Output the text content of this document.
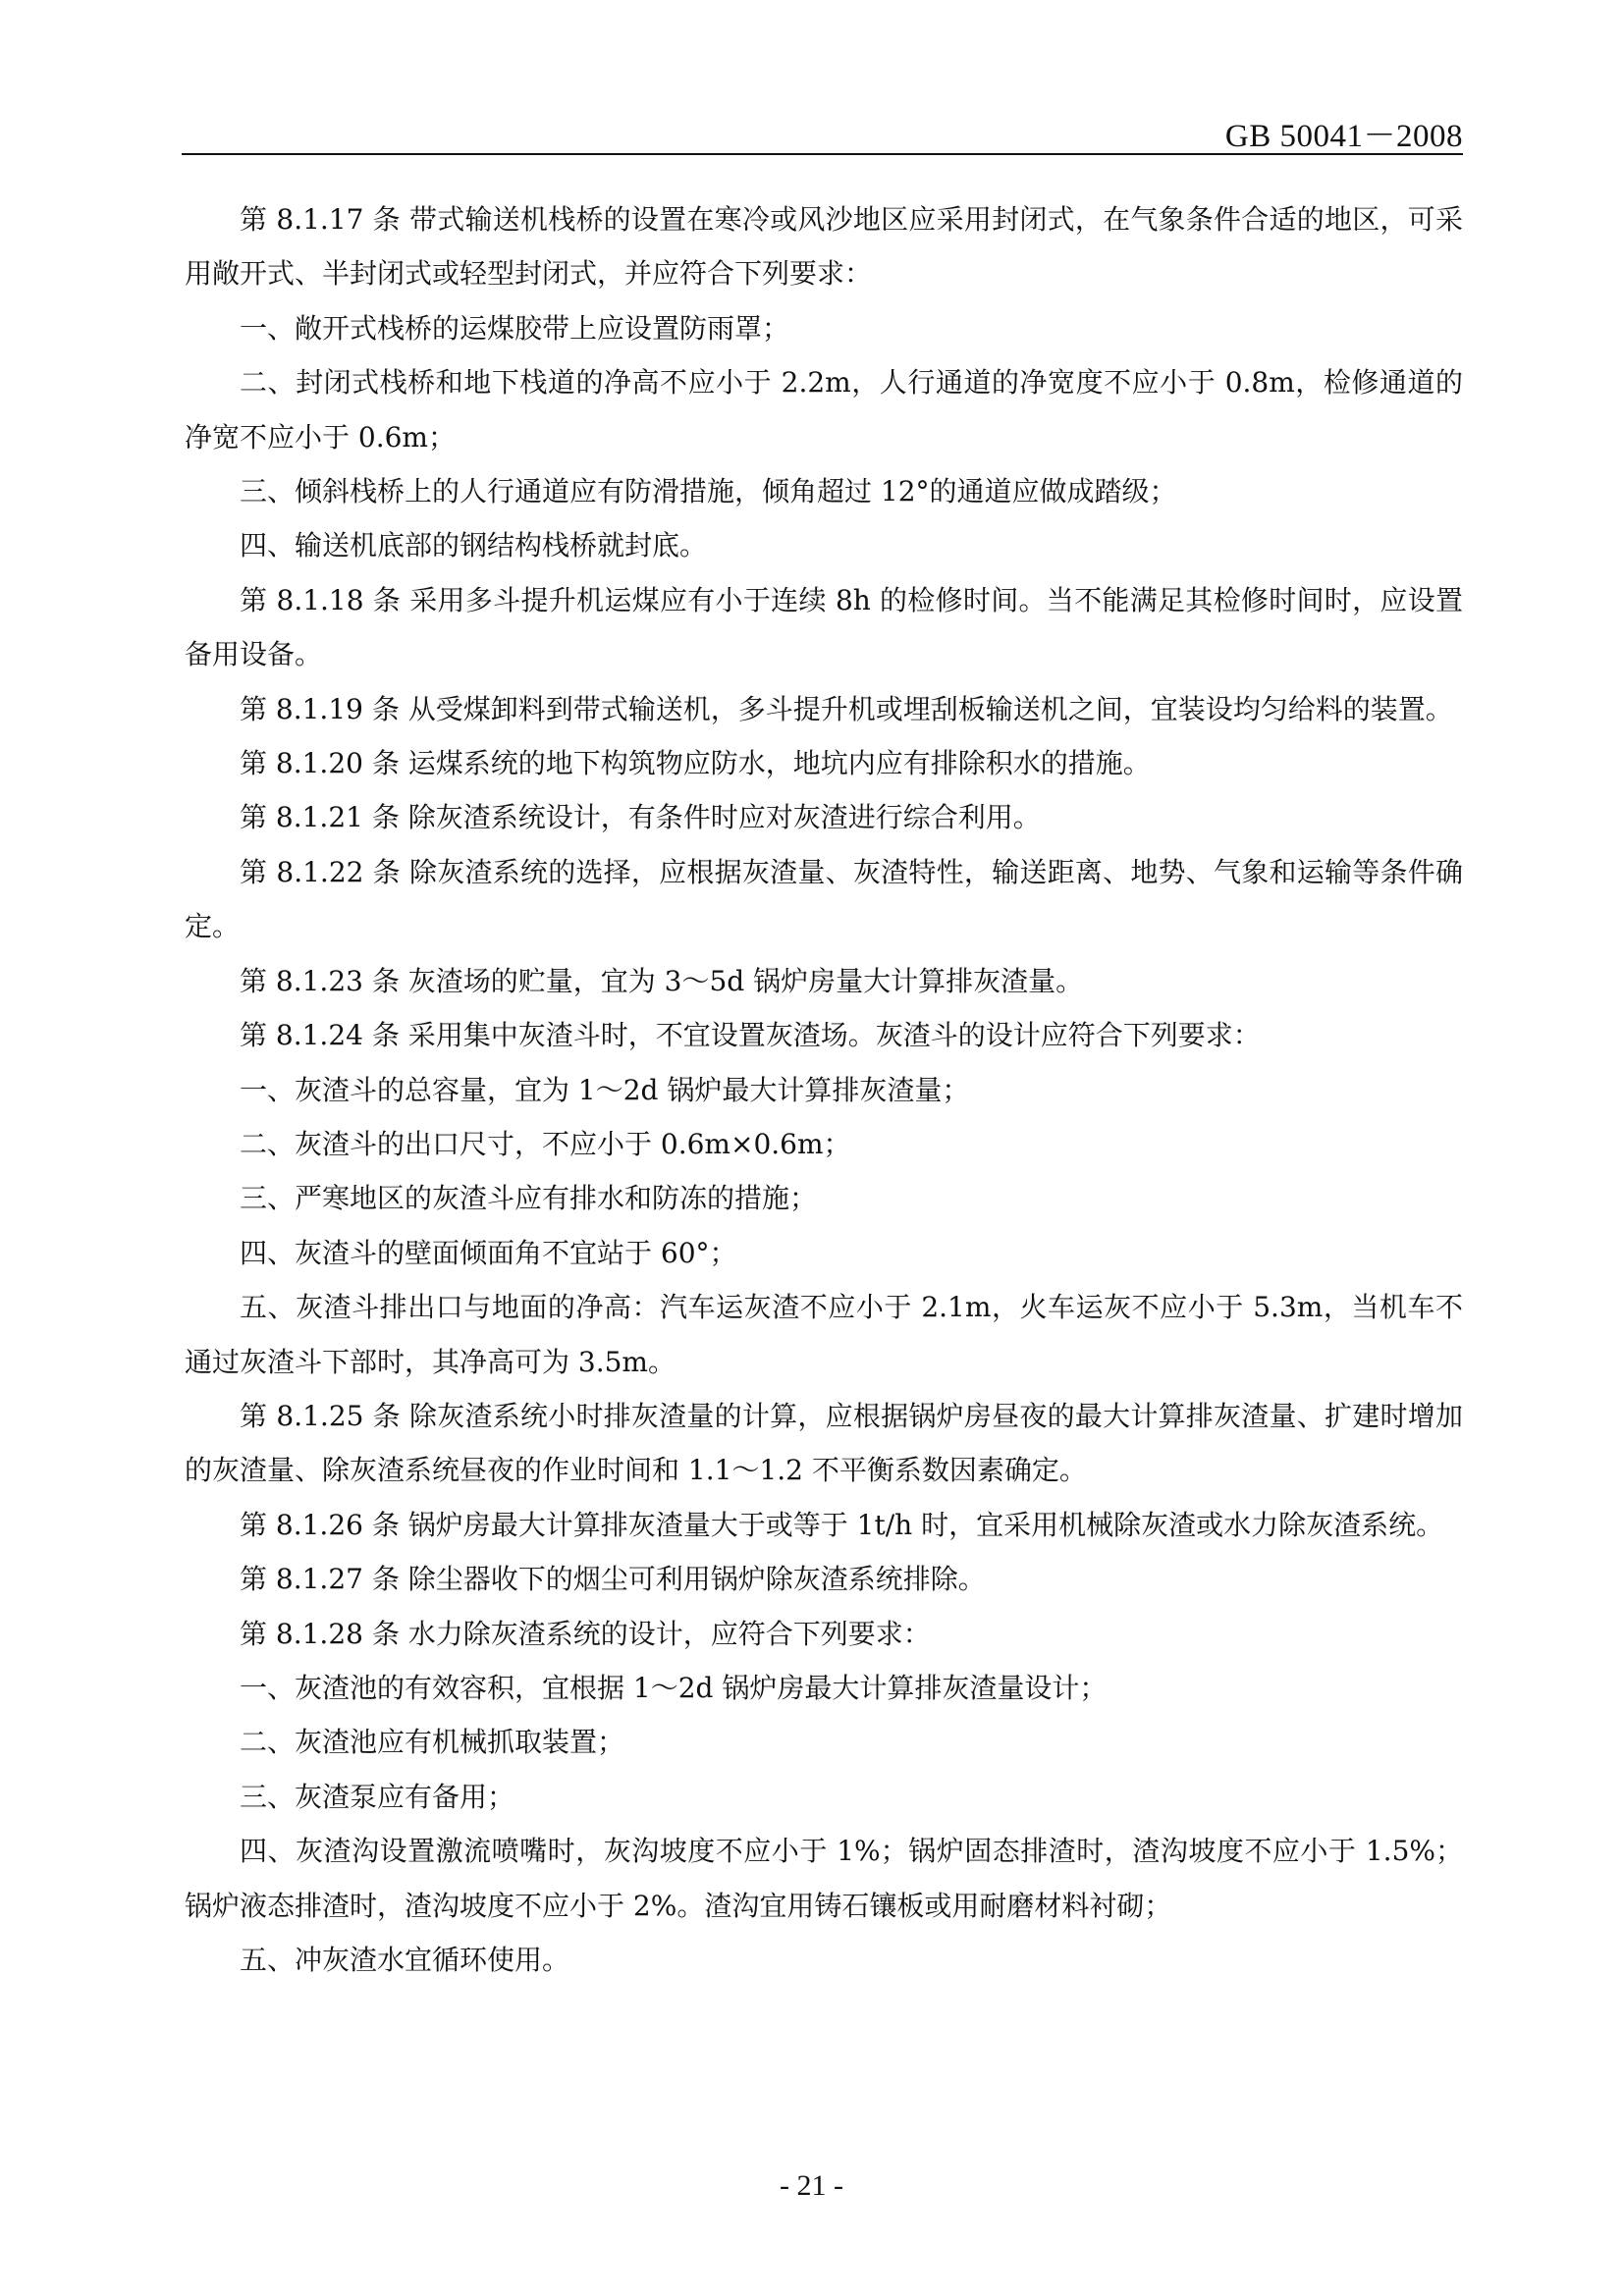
GB 50041－2008

第 8.1.17 条 带式输送机栈桥的设置在寒冷或风沙地区应采用封闭式，在气象条件合适的地区，可采用敞开式、半封闭式或轻型封闭式，并应符合下列要求：

一、敞开式栈桥的运煤胶带上应设置防雨罩；

二、封闭式栈桥和地下栈道的净高不应小于 2.2m，人行通道的净宽度不应小于 0.8m，检修通道的净宽不应小于 0.6m；

三、倾斜栈桥上的人行通道应有防滑措施，倾角超过 12°的通道应做成踏级；

四、输送机底部的钢结构栈桥就封底。

第 8.1.18 条 采用多斗提升机运煤应有小于连续 8h 的检修时间。当不能满足其检修时间时，应设置备用设备。

第 8.1.19 条 从受煤卸料到带式输送机，多斗提升机或埋刮板输送机之间，宜装设均匀给料的装置。

第 8.1.20 条 运煤系统的地下构筑物应防水，地坑内应有排除积水的措施。

第 8.1.21 条 除灰渣系统设计，有条件时应对灰渣进行综合利用。

第 8.1.22 条 除灰渣系统的选择，应根据灰渣量、灰渣特性，输送距离、地势、气象和运输等条件确定。

第 8.1.23 条 灰渣场的贮量，宜为 3～5d 锅炉房量大计算排灰渣量。

第 8.1.24 条 采用集中灰渣斗时，不宜设置灰渣场。灰渣斗的设计应符合下列要求：

一、灰渣斗的总容量，宜为 1～2d 锅炉最大计算排灰渣量；

二、灰渣斗的出口尺寸，不应小于 0.6m×0.6m；

三、严寒地区的灰渣斗应有排水和防冻的措施；

四、灰渣斗的壁面倾面角不宜站于 60°；

五、灰渣斗排出口与地面的净高：汽车运灰渣不应小于 2.1m，火车运灰不应小于 5.3m，当机车不通过灰渣斗下部时，其净高可为 3.5m。

第 8.1.25 条 除灰渣系统小时排灰渣量的计算，应根据锅炉房昼夜的最大计算排灰渣量、扩建时增加的灰渣量、除灰渣系统昼夜的作业时间和 1.1～1.2 不平衡系数因素确定。

第 8.1.26 条 锅炉房最大计算排灰渣量大于或等于 1t/h 时，宜采用机械除灰渣或水力除灰渣系统。

第 8.1.27 条 除尘器收下的烟尘可利用锅炉除灰渣系统排除。

第 8.1.28 条 水力除灰渣系统的设计，应符合下列要求：

一、灰渣池的有效容积，宜根据 1～2d 锅炉房最大计算排灰渣量设计；

二、灰渣池应有机械抓取装置；

三、灰渣泵应有备用；

四、灰渣沟设置激流喷嘴时，灰沟坡度不应小于 1%；锅炉固态排渣时，渣沟坡度不应小于 1.5%；锅炉液态排渣时，渣沟坡度不应小于 2%。渣沟宜用铸石镶板或用耐磨材料衬砌；

五、冲灰渣水宜循环使用。

- 21 -
